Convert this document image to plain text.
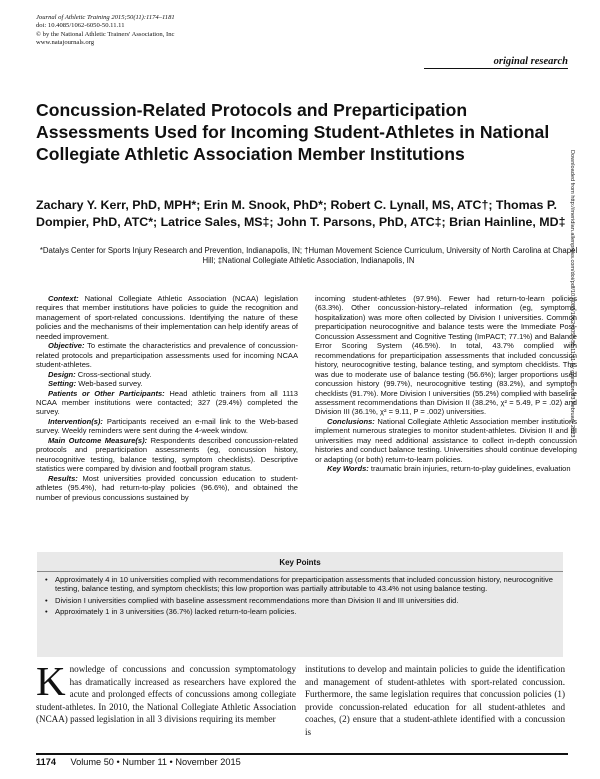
Journal of Athletic Training 2015;50(11):1174–1181
doi: 10.4085/1062-6050-50.11.11
© by the National Athletic Trainers' Association, Inc
www.natajournals.org
original research
Concussion-Related Protocols and Preparticipation Assessments Used for Incoming Student-Athletes in National Collegiate Athletic Association Member Institutions
Zachary Y. Kerr, PhD, MPH*; Erin M. Snook, PhD*; Robert C. Lynall, MS, ATC†; Thomas P. Dompier, PhD, ATC*; Latrice Sales, MS‡; John T. Parsons, PhD, ATC‡; Brian Hainline, MD‡
*Datalys Center for Sports Injury Research and Prevention, Indianapolis, IN; †Human Movement Science Curriculum, University of North Carolina at Chapel Hill; ‡National Collegiate Athletic Association, Indianapolis, IN	Downloaded from http://meridian.allenpress.com/doi/pdf/10.4085/1062-6050-50.11.11 by guest on 03 February 2023

Context: National Collegiate Athletic Association (NCAA) legislation requires that member institutions have policies to guide the recognition and management of sport-related concussions. Identifying the nature of these policies and the mechanisms of their implementation can help identify areas of needed improvement.

Objective: To estimate the characteristics and prevalence of concussion-related protocols and preparticipation assessments used for incoming NCAA student-athletes.

Design: Cross-sectional study.

Setting: Web-based survey.

Patients or Other Participants: Head athletic trainers from all 1113 NCAA member institutions were contacted; 327 (29.4%) completed the survey.

Intervention(s): Participants received an e-mail link to the Web-based survey. Weekly reminders were sent during the 4-week window.

Main Outcome Measure(s): Respondents described concussion-related protocols and preparticipation assessments (eg, concussion history, neurocognitive testing, balance testing, symptom checklists). Descriptive statistics were compared by division and football program status.

Results: Most universities provided concussion education to student-athletes (95.4%), had return-to-play policies (96.6%), and obtained the number of previous concussions sustained by

incoming student-athletes (97.9%). Fewer had return-to-learn policies (63.3%). Other concussion-history–related information (eg, symptoms, hospitalization) was more often collected by Division I universities. Common preparticipation neurocognitive and balance tests were the Immediate Post-Concussion Assessment and Cognitive Testing (ImPACT; 77.1%) and Balance Error Scoring System (46.5%). In total, 43.7% complied with recommendations for preparticipation assessments that included concussion history, neurocognitive testing, balance testing, and symptom checklists. This was due to moderate use of balance testing (56.6%); larger proportions used concussion history (99.7%), neurocognitive testing (83.2%), and symptom checklists (91.7%). More Division I universities (55.2%) complied with baseline assessment recommendations than Division II (38.2%, χ² = 5.49, P = .02) and Division III (36.1%, χ² = 9.11, P = .002) universities.

Conclusions: National Collegiate Athletic Association member institutions implement numerous strategies to monitor student-athletes. Division II and III universities may need additional assistance to collect in-depth concussion histories and conduct balance testing. Universities should continue developing or adapting (or both) return-to-learn policies.

Key Words: traumatic brain injuries, return-to-play guidelines, evaluation

Key Points
• Approximately 4 in 10 universities complied with recommendations for preparticipation assessments that included concussion history, neurocognitive testing, balance testing, and symptom checklists; this low proportion was partially attributable to 43.4% not using balance testing.
• Division I universities complied with baseline assessment recommendations more than Division II and III universities did.
• Approximately 1 in 3 universities (36.7%) lacked return-to-learn policies.

Knowledge of concussions and concussion symptomatology has dramatically increased as researchers have explored the acute and prolonged effects of concussions among collegiate student-athletes. In 2010, the National Collegiate Athletic Association (NCAA) passed legislation in all 3 divisions requiring its member

institutions to develop and maintain policies to guide the identification and management of student-athletes with sport-related concussion. Furthermore, the same legislation requires that concussion policies (1) provide concussion-related education for all student-athletes and coaches, (2) ensure that a student-athlete identified with a concussion is

1174 Volume 50 • Number 11 • November 2015
